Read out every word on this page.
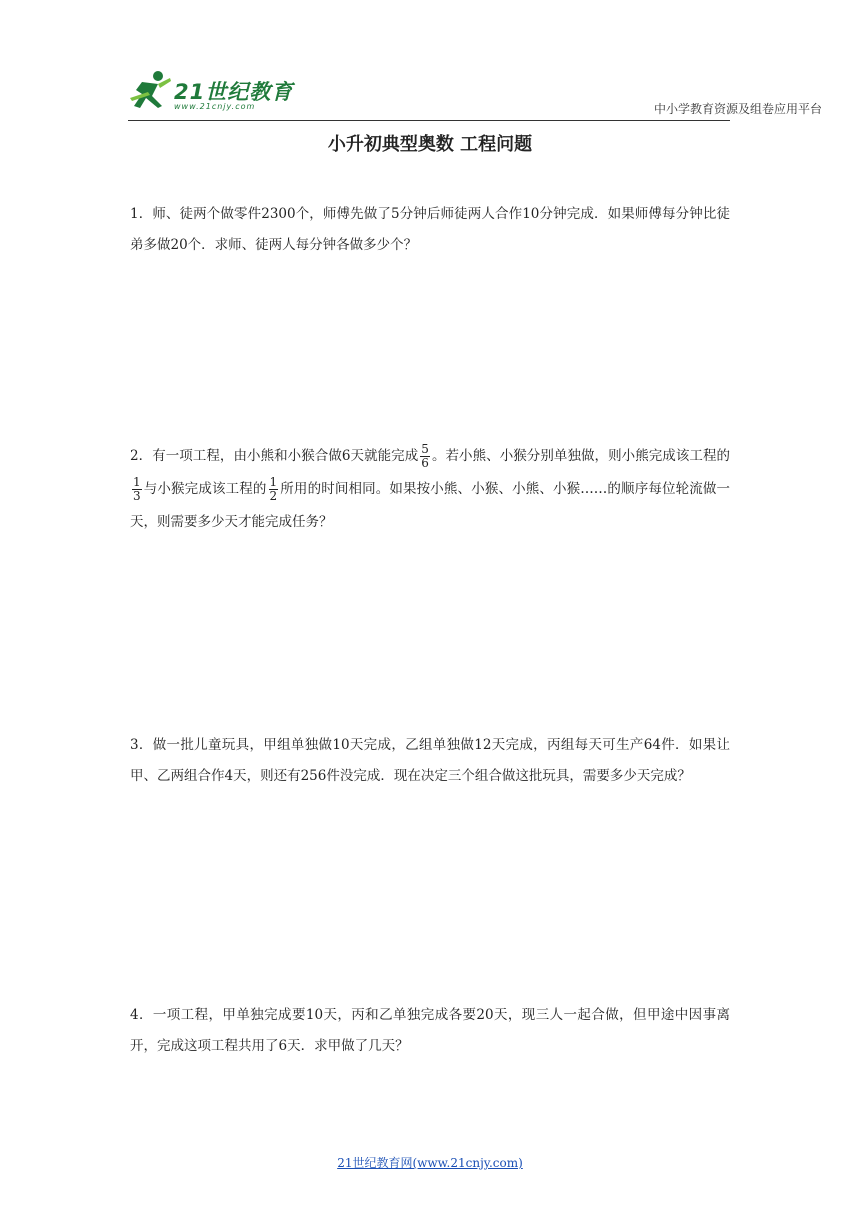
21世纪教育
www.21cnjy.com	中小学教育资源及组卷应用平台
小升初典型奥数 工程问题
1．师、徒两个做零件2300个，师傅先做了5分钟后师徒两人合作10分钟完成．如果师傅每分钟比徒弟多做20个．求师、徒两人每分钟各做多少个？
2．有一项工程，由小熊和小猴合做6天就能完成 $\frac{5}{6}$ 。若小熊、小猴分别单独做，则小熊完成该工程的
$\frac{1}{3}$ 与小猴完成该工程的 $\frac{1}{2}$ 所用的时间相同。如果按小熊、小猴、小熊、小猴……的顺序每位轮流做一天，则需要多少天才能完成任务？
3．做一批儿童玩具，甲组单独做10天完成，乙组单独做12天完成，丙组每天可生产64件．如果让甲、乙两组合作4天，则还有256件没完成．现在决定三个组合做这批玩具，需要多少天完成？
4．一项工程，甲单独完成要10天，丙和乙单独完成各要20天，现三人一起合做，但甲途中因事离开，完成这项工程共用了6天．求甲做了几天？
21世纪教育网(www.21cnjy.com)
